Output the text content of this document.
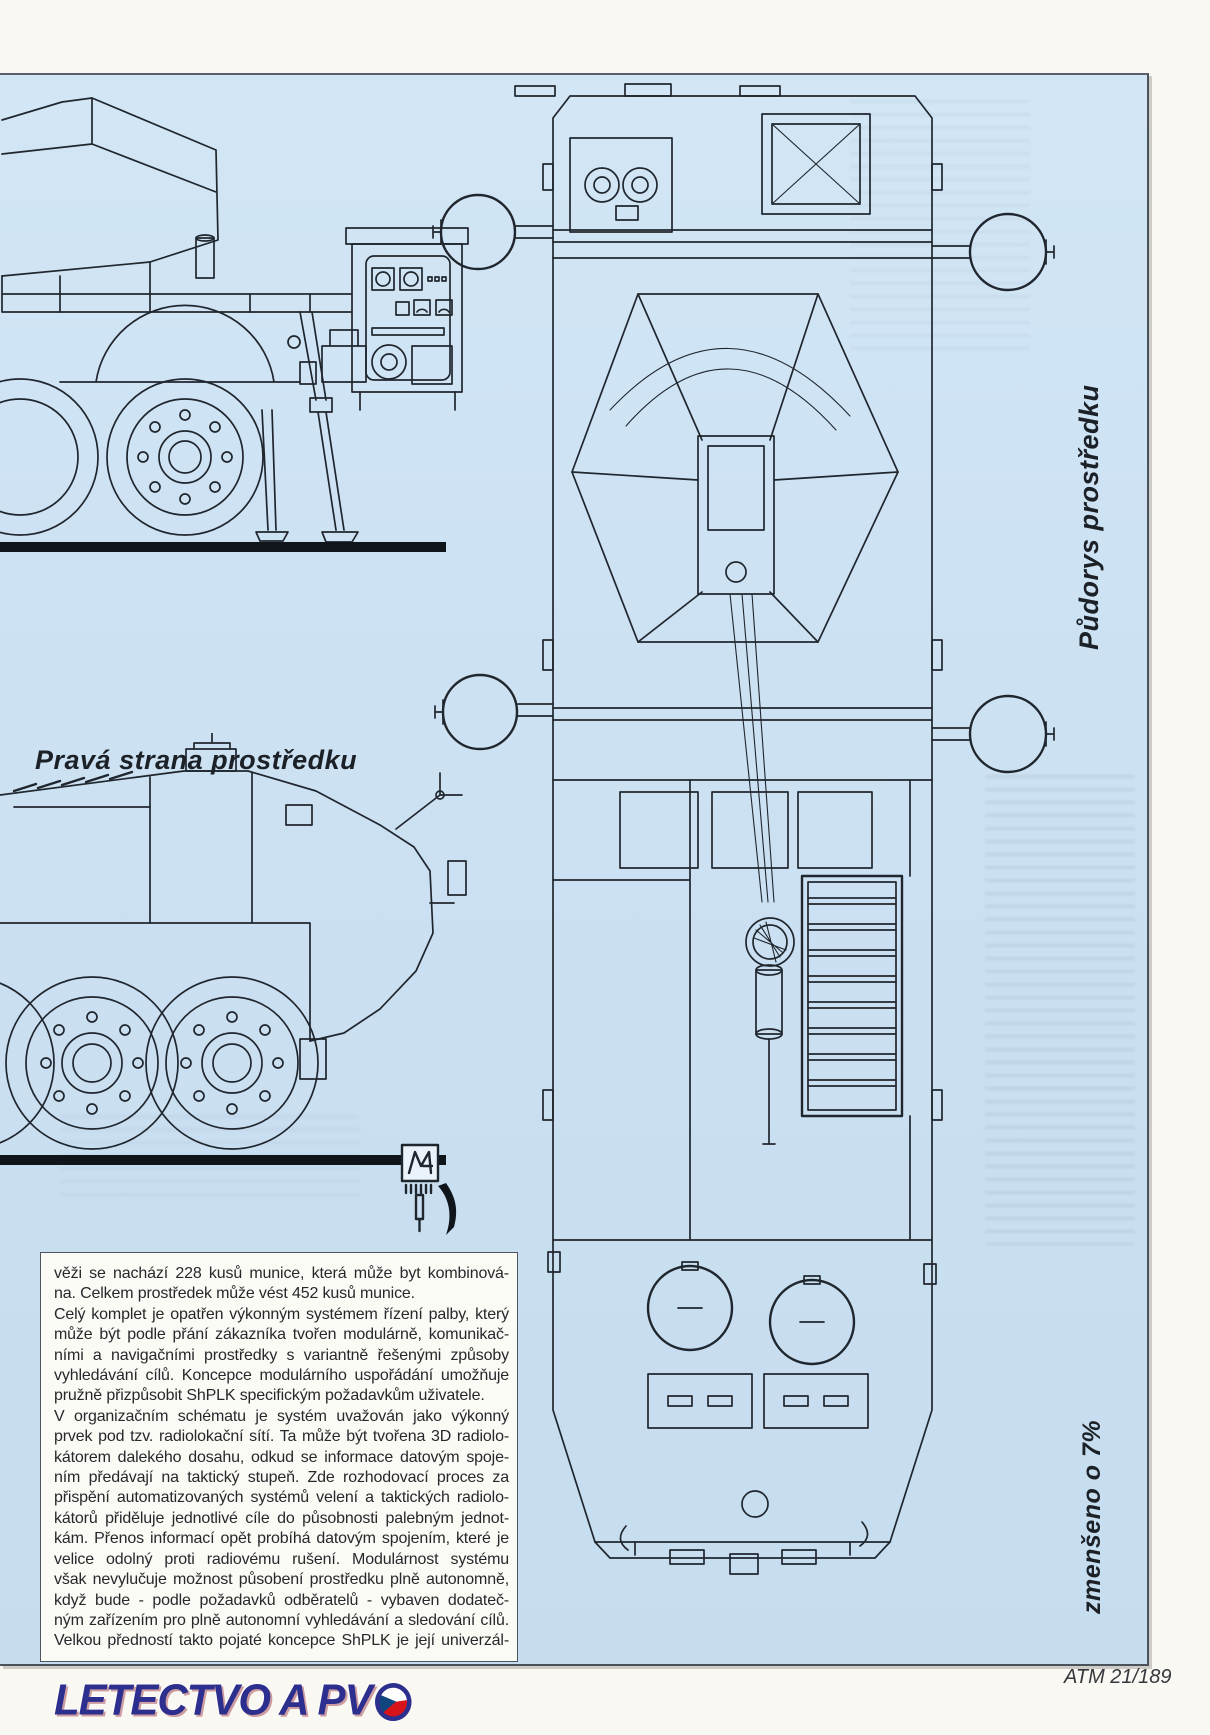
Pravá strana prostředku
Půdorys prostředku
zmenšeno o 7%
věži se nachází 228 kusů munice, která může byt kombinová-
na. Celkem prostředek může vést 452 kusů munice.
Celý komplet je opatřen výkonným systémem řízení palby, který
může být podle přání zákazníka tvořen modulárně, komunikač-
ními a navigačními prostředky s variantně řešenými způsoby
vyhledávání cílů. Koncepce modulárního uspořádání umožňuje
pružně přizpůsobit ShPLK specifickým požadavkům uživatele.
V organizačním schématu je systém uvažován jako výkonný
prvek pod tzv. radiolokační sítí. Ta může být tvořena 3D radiolo-
kátorem dalekého dosahu, odkud se informace datovým spoje-
ním předávají na taktický stupeň. Zde rozhodovací proces za
přispění automatizovaných systémů velení a taktických radiolo-
kátorů přiděluje jednotlivé cíle do působnosti palebným jednot-
kám. Přenos informací opět probíhá datovým spojením, které je
velice odolný proti radiovému rušení. Modulárnost systému
však nevylučuje možnost působení prostředku plně autonomně,
když bude - podle požadavků odběratelů - vybaven dodateč-
ným zařízením pro plně autonomní vyhledávání a sledování cílů.
Velkou předností takto pojaté koncepce ShPLK je její univerzál-
LETECTVO A PV	ATM 21/189
